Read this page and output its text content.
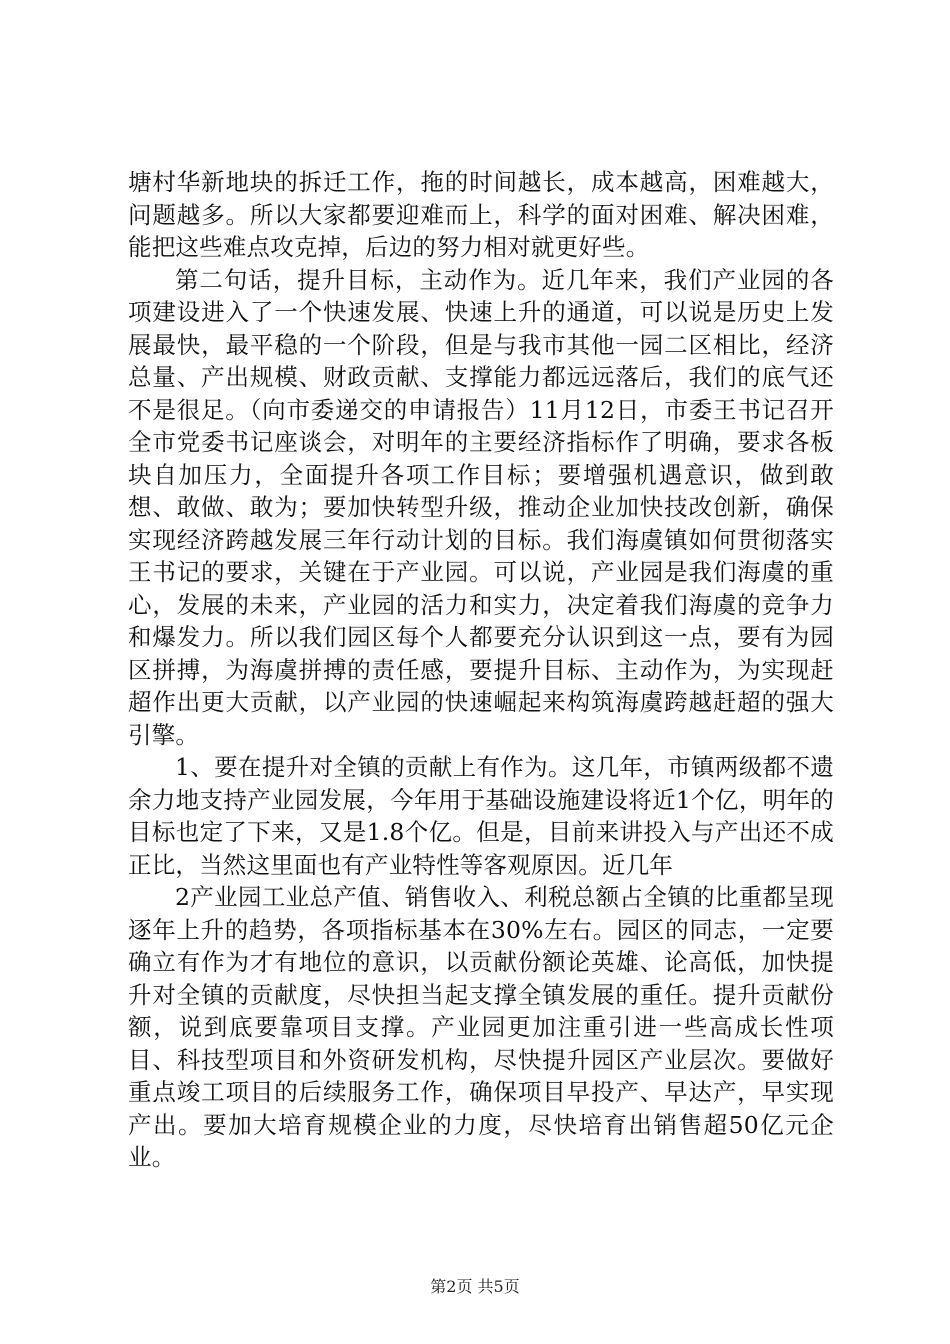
塘村华新地块的拆迁工作，拖的时间越长，成本越高，困难越大，问题越多。所以大家都要迎难而上，科学的面对困难、解决困难，能把这些难点攻克掉，后边的努力相对就更好些。

第二句话，提升目标，主动作为。近几年来，我们产业园的各项建设进入了一个快速发展、快速上升的通道，可以说是历史上发展最快，最平稳的一个阶段，但是与我市其他一园二区相比，经济总量、产出规模、财政贡献、支撑能力都远远落后，我们的底气还不是很足。（向市委递交的申请报告）11月12日，市委王书记召开全市党委书记座谈会，对明年的主要经济指标作了明确，要求各板块自加压力，全面提升各项工作目标；要增强机遇意识，做到敢想、敢做、敢为；要加快转型升级，推动企业加快技改创新，确保实现经济跨越发展三年行动计划的目标。我们海虞镇如何贯彻落实王书记的要求，关键在于产业园。可以说，产业园是我们海虞的重心，发展的未来，产业园的活力和实力，决定着我们海虞的竞争力和爆发力。所以我们园区每个人都要充分认识到这一点，要有为园区拼搏，为海虞拼搏的责任感，要提升目标、主动作为，为实现赶超作出更大贡献，以产业园的快速崛起来构筑海虞跨越赶超的强大引擎。

1、要在提升对全镇的贡献上有作为。这几年，市镇两级都不遗余力地支持产业园发展，今年用于基础设施建设将近1个亿，明年的目标也定了下来，又是1.8个亿。但是，目前来讲投入与产出还不成正比，当然这里面也有产业特性等客观原因。近几年

2产业园工业总产值、销售收入、利税总额占全镇的比重都呈现逐年上升的趋势，各项指标基本在30%左右。园区的同志，一定要确立有作为才有地位的意识，以贡献份额论英雄、论高低，加快提升对全镇的贡献度，尽快担当起支撑全镇发展的重任。提升贡献份额，说到底要靠项目支撑。产业园更加注重引进一些高成长性项目、科技型项目和外资研发机构，尽快提升园区产业层次。要做好重点竣工项目的后续服务工作，确保项目早投产、早达产，早实现产出。要加大培育规模企业的力度，尽快培育出销售超50亿元企业。

第2页 共5页
